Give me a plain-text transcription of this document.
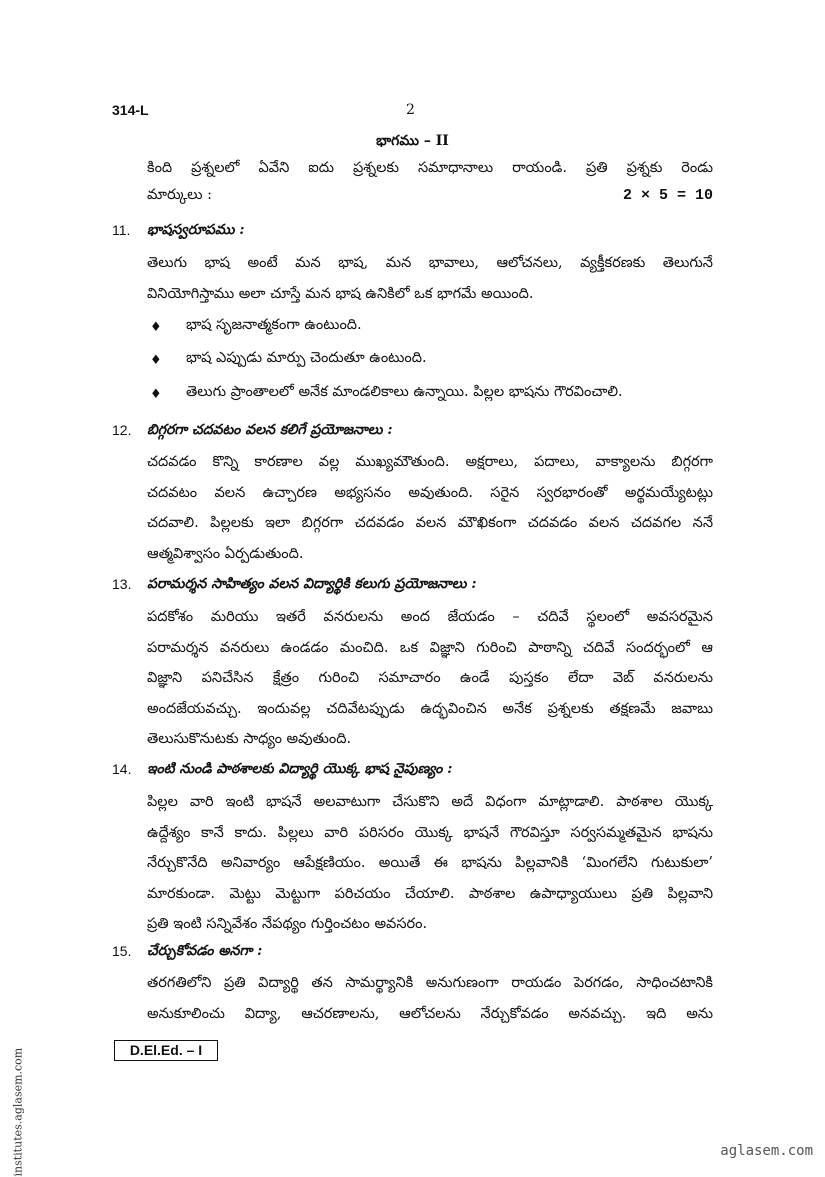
314-L	2
భాగము – II
కింది ప్రశ్నలలో ఏవేని ఐదు ప్రశ్నలకు సమాధానాలు రాయండి. ప్రతి ప్రశ్నకు రెండు
మార్కులు :	2 × 5 = 10
11. భాషస్వరూపము :
తెలుగు భాష అంటే మన భాష, మన భావాలు, ఆలోచనలు, వ్యక్తీకరణకు తెలుగునే
వినియోగిస్తాము అలా చూస్తే మన భాష ఉనికిలో ఒక భాగమే అయింది.
♦ భాష సృజనాత్మకంగా ఉంటుంది.
♦ భాష ఎప్పుడు మార్పు చెందుతూ ఉంటుంది.
♦ తెలుగు ప్రాంతాలలో అనేక మాండలికాలు ఉన్నాయి. పిల్లల భాషను గౌరవించాలి.
12. బిగ్గరగా చదవటం వలన కలిగే ప్రయోజనాలు :
చదవడం కొన్ని కారణాల వల్ల ముఖ్యమౌతుంది. అక్షరాలు, పదాలు, వాక్యాలను బిగ్గరగా
చదవటం వలన ఉచ్చారణ అభ్యసనం అవుతుంది. సరైన స్వరభారంతో అర్థమయ్యేటట్లు
చదవాలి. పిల్లలకు ఇలా బిగ్గరగా చదవడం వలన మౌఖికంగా చదవడం వలన చదవగల ననే
ఆత్మవిశ్వాసం ఏర్పడుతుంది.
13. పరామర్శన సాహిత్యం వలన విద్యార్థికి కలుగు ప్రయోజనాలు :
పదకోశం మరియు ఇతరే వనరులను అంద జేయడం – చదివే స్థలంలో అవసరమైన
పరామర్శన వనరులు ఉండడం మంచిది. ఒక విజ్ఞాని గురించి పాఠాన్ని చదివే సందర్భంలో ఆ
విజ్ఞాని పనిచేసిన క్షేత్రం గురించి సమాచారం ఉండే పుస్తకం లేదా వెబ్ వనరులను
అందజేయవచ్చు. ఇందువల్ల చదివేటప్పుడు ఉద్భవించిన అనేక ప్రశ్నలకు తక్షణమే జవాబు
తెలుసుకొనుటకు సాధ్యం అవుతుంది.
14. ఇంటి నుండి పాఠశాలకు విద్యార్థి యొక్క భాష నైపుణ్యం :
పిల్లల వారి ఇంటి భాషనే అలవాటుగా చేసుకొని అదే విధంగా మాట్లాడాలి. పాఠశాల యొక్క
ఉద్దేశ్యం కానే కాదు. పిల్లలు వారి పరిసరం యొక్క భాషనే గౌరవిస్తూ సర్వసమ్మతమైన భాషను
నేర్చుకొనేది అనివార్యం ఆపేక్షణియం. అయితే ఈ భాషను పిల్లవానికి ‘మింగలేని గుటుకులా’
మారకుండా. మెట్టు మెట్టుగా పరిచయం చేయాలి. పాఠశాల ఉపాధ్యాయులు ప్రతి పిల్లవాని
ప్రతి ఇంటి సన్నివేశం నేపథ్యం గుర్తించటం అవసరం.
15. చేర్చుకోవడం అనగా :
తరగతిలోని ప్రతి విద్యార్థి తన సామర్థ్యానికి అనుగుణంగా రాయడం పెరగడం, సాధించటానికి
అనుకూలించు విద్యా, ఆచరణాలను, ఆలోచలను నేర్చుకోవడం అనవచ్చు. ఇది అను
D.El.Ed. – I
institutes.aglasem.com	aglasem.com
